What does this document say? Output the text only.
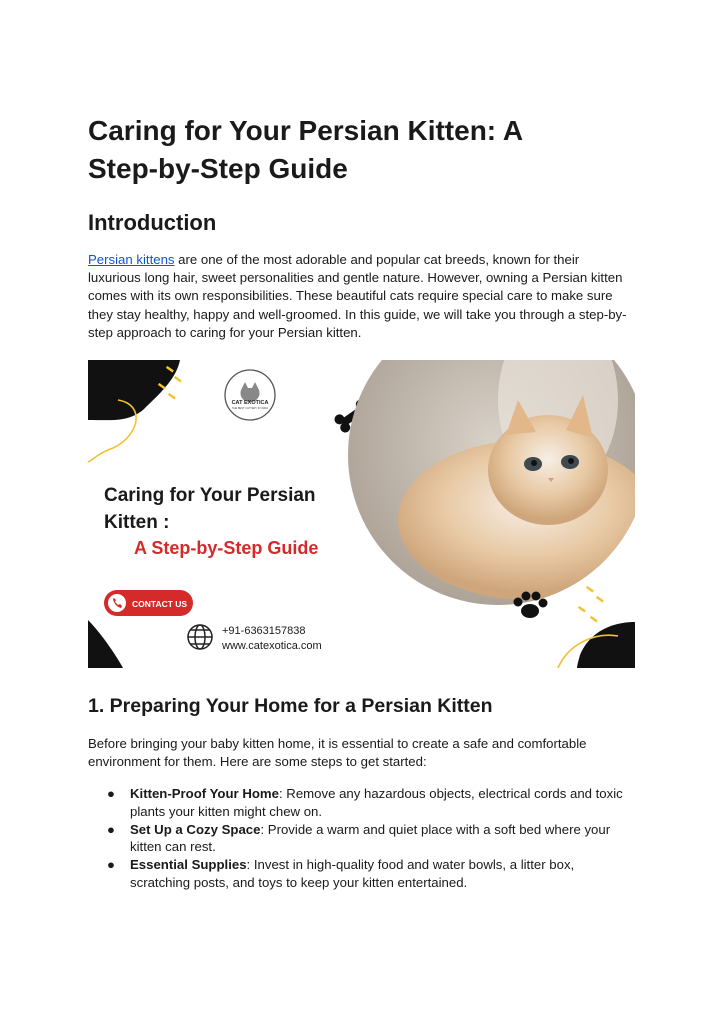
Caring for Your Persian Kitten: A Step-by-Step Guide
Introduction

Persian kittens are one of the most adorable and popular cat breeds, known for their luxurious long hair, sweet personalities and gentle nature. However, owning a Persian kitten comes with its own responsibilities. These beautiful cats require special care to make sure they stay healthy, happy and well-groomed. In this guide, we will take you through a step-by-step approach to caring for your Persian kitten.

CAT EXOTICA
THE BEST CATTERY IN INDIA
Caring for Your Persian
Kitten :
A Step-by-Step Guide
CONTACT US
+91-6363157838
www.catexotica.com
1. Preparing Your Home for a Persian Kitten

Before bringing your baby kitten home, it is essential to create a safe and comfortable environment for them. Here are some steps to get started:

● Kitten-Proof Your Home: Remove any hazardous objects, electrical cords and toxic plants your kitten might chew on.
● Set Up a Cozy Space: Provide a warm and quiet place with a soft bed where your kitten can rest.
● Essential Supplies: Invest in high-quality food and water bowls, a litter box, scratching posts, and toys to keep your kitten entertained.
